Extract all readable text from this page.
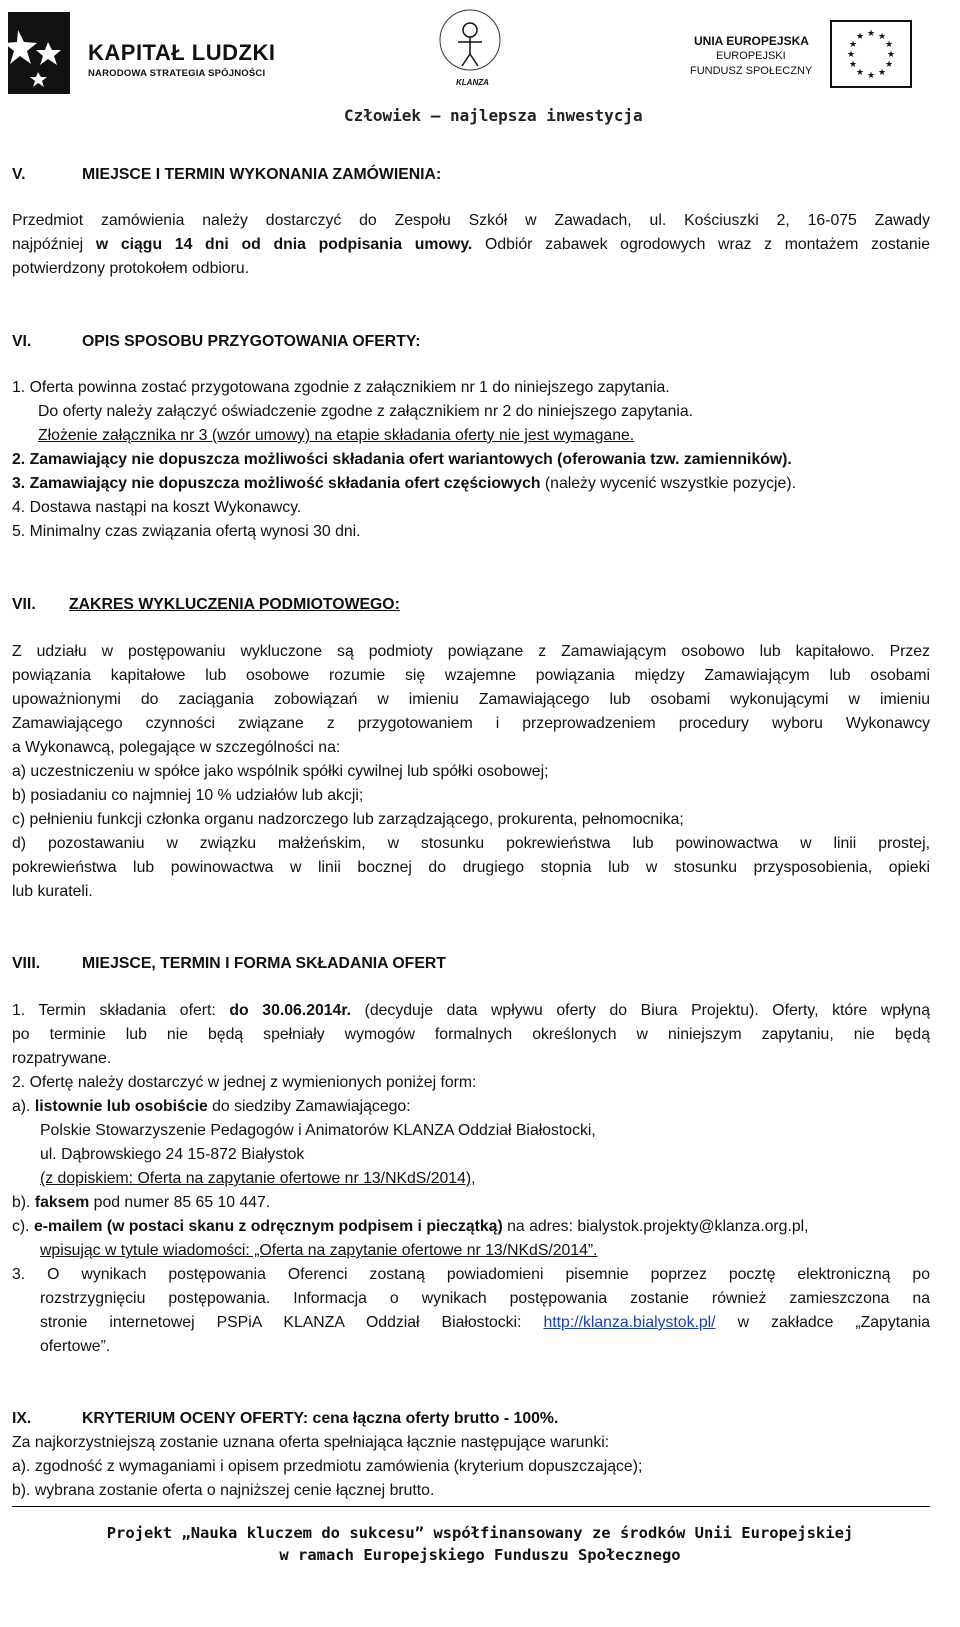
KAPITAŁ LUDZKI
NARODOWA STRATEGIA SPÓJNOŚCI
KLANZA
UNIA EUROPEJSKA
EUROPEJSKI
FUNDUSZ SPOŁECZNY
★ ★
★
★
★
★
★
★
★
★
★
★
Człowiek – najlepsza inwestycja
V.	MIEJSCE I TERMIN WYKONANIA ZAMÓWIENIA:
Przedmiot zamówienia należy dostarczyć do Zespołu Szkół w Zawadach, ul. Kościuszki 2, 16-075 Zawady
najpóźniej w ciągu 14 dni od dnia podpisania umowy. Odbiór zabawek ogrodowych wraz z montażem zostanie
potwierdzony protokołem odbioru.
VI.	OPIS SPOSOBU PRZYGOTOWANIA OFERTY:
1. Oferta powinna zostać przygotowana zgodnie z załącznikiem nr 1 do niniejszego zapytania.
Do oferty należy załączyć oświadczenie zgodne z załącznikiem nr 2 do niniejszego zapytania.
Złożenie załącznika nr 3 (wzór umowy) na etapie składania oferty nie jest wymagane.
2. Zamawiający nie dopuszcza możliwości składania ofert wariantowych (oferowania tzw. zamienników).
3. Zamawiający nie dopuszcza możliwość składania ofert częściowych (należy wycenić wszystkie pozycje).
4. Dostawa nastąpi na koszt Wykonawcy.
5. Minimalny czas związania ofertą wynosi 30 dni.
VII. ZAKRES WYKLUCZENIA PODMIOTOWEGO:
Z udziału w postępowaniu wykluczone są podmioty powiązane z Zamawiającym osobowo lub kapitałowo. Przez
powiązania kapitałowe lub osobowe rozumie się wzajemne powiązania między Zamawiającym lub osobami
upoważnionymi do zaciągania zobowiązań w imieniu Zamawiającego lub osobami wykonującymi w imieniu
Zamawiającego czynności związane z przygotowaniem i przeprowadzeniem procedury wyboru Wykonawcy
a Wykonawcą, polegające w szczególności na:
a) uczestniczeniu w spółce jako wspólnik spółki cywilnej lub spółki osobowej;
b) posiadaniu co najmniej 10 % udziałów lub akcji;
c) pełnieniu funkcji członka organu nadzorczego lub zarządzającego, prokurenta, pełnomocnika;
d) pozostawaniu w związku małżeńskim, w stosunku pokrewieństwa lub powinowactwa w linii prostej,
pokrewieństwa lub powinowactwa w linii bocznej do drugiego stopnia lub w stosunku przysposobienia, opieki
lub kurateli.
VIII.	MIEJSCE, TERMIN I FORMA SKŁADANIA OFERT
1. Termin składania ofert: do 30.06.2014r. (decyduje data wpływu oferty do Biura Projektu). Oferty, które wpłyną
po terminie lub nie będą spełniały wymogów formalnych określonych w niniejszym zapytaniu, nie będą
rozpatrywane.
2. Ofertę należy dostarczyć w jednej z wymienionych poniżej form:
a). listownie lub osobiście do siedziby Zamawiającego:
Polskie Stowarzyszenie Pedagogów i Animatorów KLANZA Oddział Białostocki,
ul. Dąbrowskiego 24 15-872 Białystok
(z dopiskiem: Oferta na zapytanie ofertowe nr 13/NKdS/2014),
b). faksem pod numer 85 65 10 447.
c). e-mailem (w postaci skanu z odręcznym podpisem i pieczątką) na adres: bialystok.projekty@klanza.org.pl,
wpisując w tytule wiadomości: „Oferta na zapytanie ofertowe nr 13/NKdS/2014”.
3. O wynikach postępowania Oferenci zostaną powiadomieni pisemnie poprzez pocztę elektroniczną po
rozstrzygnięciu postępowania. Informacja o wynikach postępowania zostanie również zamieszczona na
stronie internetowej PSPiA KLANZA Oddział Białostocki: http://klanza.bialystok.pl/ w zakładce „Zapytania
ofertowe”.
IX.	KRYTERIUM OCENY OFERTY: cena łączna oferty brutto - 100%.
Za najkorzystniejszą zostanie uznana oferta spełniająca łącznie następujące warunki:
a). zgodność z wymaganiami i opisem przedmiotu zamówienia (kryterium dopuszczające);
b). wybrana zostanie oferta o najniższej cenie łącznej brutto.
Projekt „Nauka kluczem do sukcesu” współfinansowany ze środków Unii Europejskiej
w ramach Europejskiego Funduszu Społecznego
